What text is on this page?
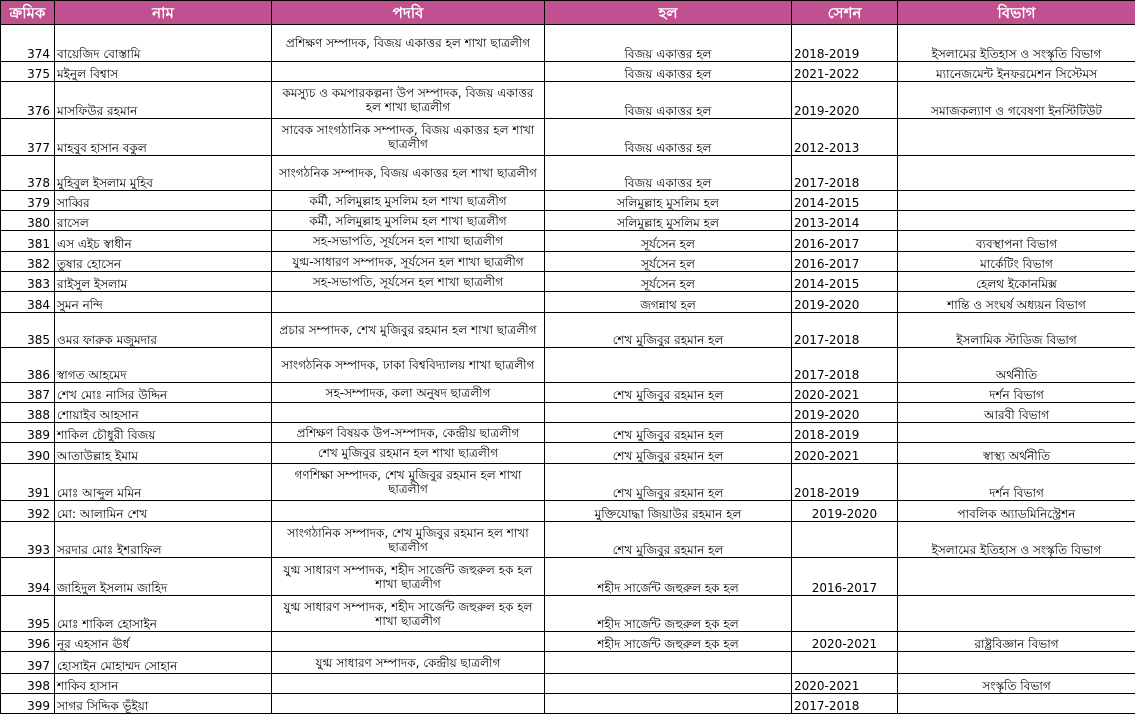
ক্রমিক	নাম	পদবি	হল	সেশন	বিভাগ
374	বায়েজিদ বোস্তামি	প্রশিক্ষণ সম্পাদক, বিজয় একাত্তর হল শাখা ছাত্রলীগ	বিজয় একাত্তর হল	2018-2019	ইসলামের ইতিহাস ও সংস্কৃতি বিভাগ
375	মইনুল বিশ্বাস		বিজয় একাত্তর হল	2021-2022	ম্যানেজমেন্ট ইনফরমেশন সিস্টেমস
376	মাসফিউর রহমান	কমস্যুচ ও কমপারকল্পনা উপ সম্পাদক, বিজয় একাত্তর হল শাখা ছাত্রলীগ	বিজয় একাত্তর হল	2019-2020	সমাজকল্যাণ ও গবেষণা ইনস্টিটিউট
377	মাহবুব হাসান বকুল	সাবেক সাংগঠানিক সম্পাদক, বিজয় একাত্তর হল শাখা ছাত্রলীগ	বিজয় একাত্তর হল	2012-2013	
378	মুহিবুল ইসলাম মুহিব	সাংগঠনিক সম্পাদক, বিজয় একাত্তর হল শাখা ছাত্রলীগ	বিজয় একাত্তর হল	2017-2018	
379	সাব্বির	কর্মী, সলিমুল্লাহ মুসলিম হল শাখা ছাত্রলীগ	সলিমুল্লাহ মুসলিম হল	2014-2015	
380	রাসেল	কর্মী, সলিমুল্লাহ মুসলিম হল শাখা ছাত্রলীগ	সলিমুল্লাহ মুসলিম হল	2013-2014	
381	এস এইচ স্বাধীন	সহ-সভাপতি, সূর্যসেন হল শাখা ছাত্রলীগ	সূর্যসেন হল	2016-2017	ব্যবস্থাপনা বিভাগ
382	তুষার হোসেন	যুগ্ম-সাধারণ সম্পাদক, সূর্যসেন হল শাখা ছাত্রলীগ	সূর্যসেন হল	2016-2017	মার্কেটিং বিভাগ
383	রাইসুল ইসলাম	সহ-সভাপতি, সূর্যসেন হল শাখা ছাত্রলীগ	সূর্যসেন হল	2014-2015	হেলথ ইকোনমিক্স
384	সুমন নন্দি		জগন্নাথ হল	2019-2020	শান্তি ও সংঘর্ষ অধ্যয়ন বিভাগ
385	ওমর ফারুক মজুমদার	প্রচার সম্পাদক, শেখ মুজিবুর রহমান হল শাখা ছাত্রলীগ	শেখ মুজিবুর রহমান হল	2017-2018	ইসলামিক স্টাডিজ বিভাগ
386	স্বাগত আহমেদ	সাংগঠনিক সম্পাদক, ঢাকা বিশ্ববিদ্যালয় শাখা ছাত্রলীগ		2017-2018	অর্থনীতি
387	শেখ মোঃ নাসির উদ্দিন	সহ-সম্পাদক, কলা অনুষদ ছাত্রলীগ	শেখ মুজিবুর রহমান হল	2020-2021	দর্শন বিভাগ
388	শোয়াইব আহসান			2019-2020	আরবী বিভাগ
389	শাকিল চৌধুরী বিজয়	প্রশিক্ষণ বিষয়ক উপ-সম্পাদক, কেন্দ্রীয় ছাত্রলীগ	শেখ মুজিবুর রহমান হল	2018-2019	
390	আতাউল্লাহ ইমাম	শেখ মুজিবুর রহমান হল শাখা ছাত্রলীগ	শেখ মুজিবুর রহমান হল	2020-2021	স্বাস্থ্য অর্থনীতি
391	মোঃ আব্দুল মমিন	গণশিক্ষা সম্পাদক, শেখ মুজিবুর রহমান হল শাখা ছাত্রলীগ	শেখ মুজিবুর রহমান হল	2018-2019	দর্শন বিভাগ
392	মো: আলামিন শেখ		মুক্তিযোদ্ধা জিয়াউর রহমান হল	2019-2020	পাবলিক অ্যাডমিনিস্ট্রেশন
393	সরদার মোঃ ইশরাফিল	সাংগঠানিক সম্পাদক, শেখ মুজিবুর রহমান হল শাখা ছাত্রলীগ	শেখ মুজিবুর রহমান হল		ইসলামের ইতিহাস ও সংস্কৃতি বিভাগ
394	জাহিদুল ইসলাম জাহিদ	যুগ্ম সাধারণ সম্পাদক, শহীদ সার্জেন্ট জহুরুল হক হল শাখা ছাত্রলীগ	শহীদ সার্জেন্ট জহুরুল হক হল	2016-2017	
395	মোঃ শাকিল হোসাইন	যুগ্ম সাধারণ সম্পাদক, শহীদ সার্জেন্ট জহুরুল হক হল শাখা ছাত্রলীগ	শহীদ সার্জেন্ট জহুরুল হক হল		
396	নূর এহসান ঊর্ধ		শহীদ সার্জেন্ট জহুরুল হক হল	2020-2021	রাষ্ট্রবিজ্ঞান বিভাগ
397	হোসাইন মোহাম্মদ সোহান	যুগ্ম সাধারণ সম্পাদক, কেন্দ্রীয় ছাত্রলীগ			
398	শাকিব হাসান			2020-2021	সংস্কৃতি বিভাগ
399	সাগর সিদ্দিক ভূঁইয়া			2017-2018	
